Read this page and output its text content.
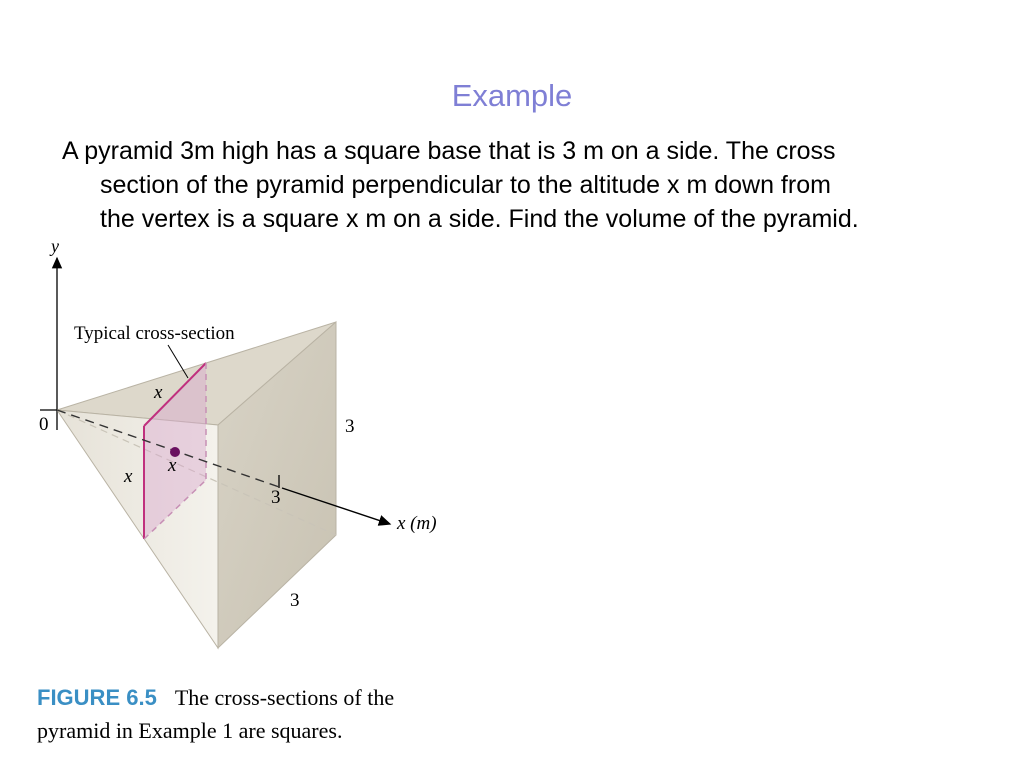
Example
A pyramid 3m high has a square base that is 3 m on a side. The cross
section of the pyramid perpendicular to the altitude x m down from
the vertex is a square x m on a side. Find the volume of the pyramid.
y
Typical cross-section
3
x (m)
0
x
x
x
3
3
FIGURE 6.5 The cross-sections of the
pyramid in Example 1 are squares.
